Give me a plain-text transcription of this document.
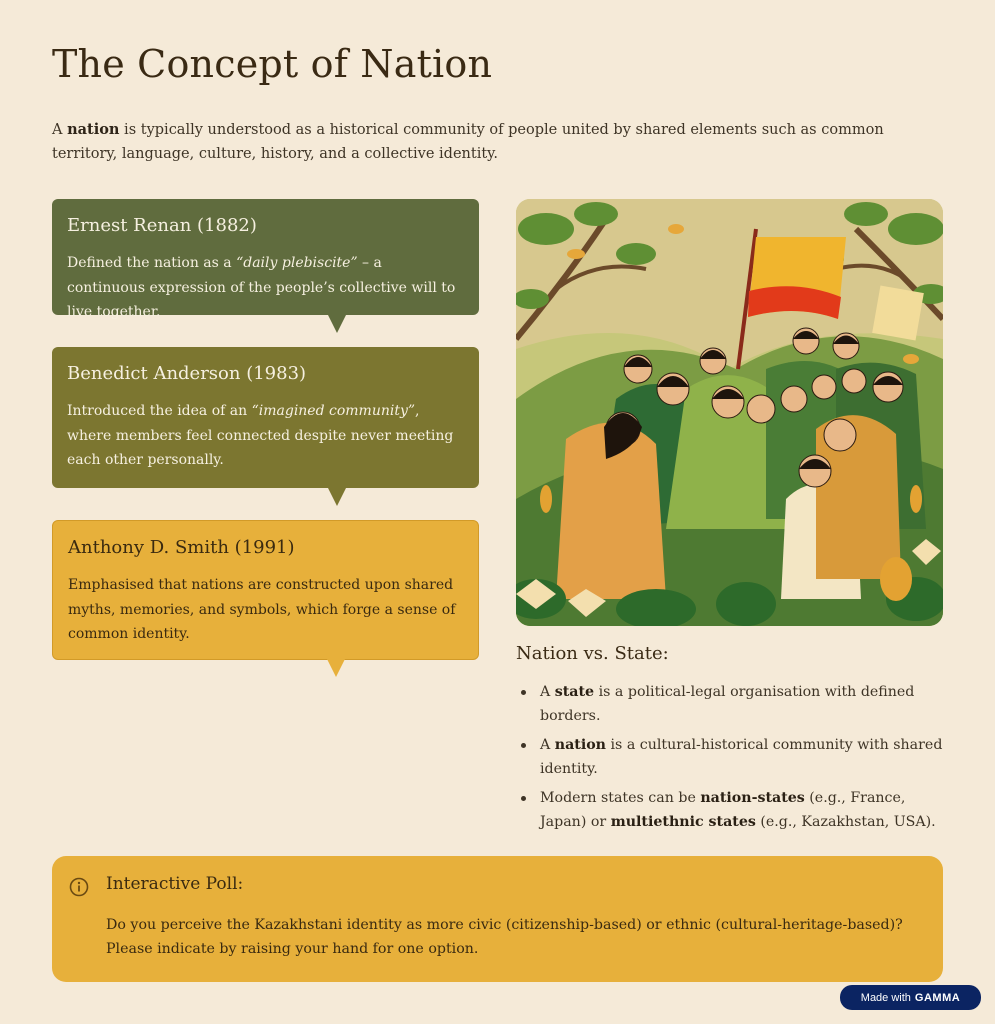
The Concept of Nation

A nation is typically understood as a historical community of people united by shared elements such as common territory, language, culture, history, and a collective identity.

Ernest Renan (1882)
Defined the nation as a “daily plebiscite” – a continuous expression of the people’s collective will to live together.
Benedict Anderson (1983)
Introduced the idea of an “imagined community”, where members feel connected despite never meeting each other personally.
Anthony D. Smith (1991)
Emphasised that nations are constructed upon shared myths, memories, and symbols, which forge a sense of common identity.
Nation vs. State:
A state is a political-legal organisation with defined borders.
A nation is a cultural-historical community with shared identity.
Modern states can be nation-states (e.g., France, Japan) or multiethnic states (e.g., Kazakhstan, USA).
Interactive Poll:
Do you perceive the Kazakhstani identity as more civic (citizenship-based) or ethnic (cultural-heritage-based)? Please indicate by raising your hand for one option.
Made with GAMMA
